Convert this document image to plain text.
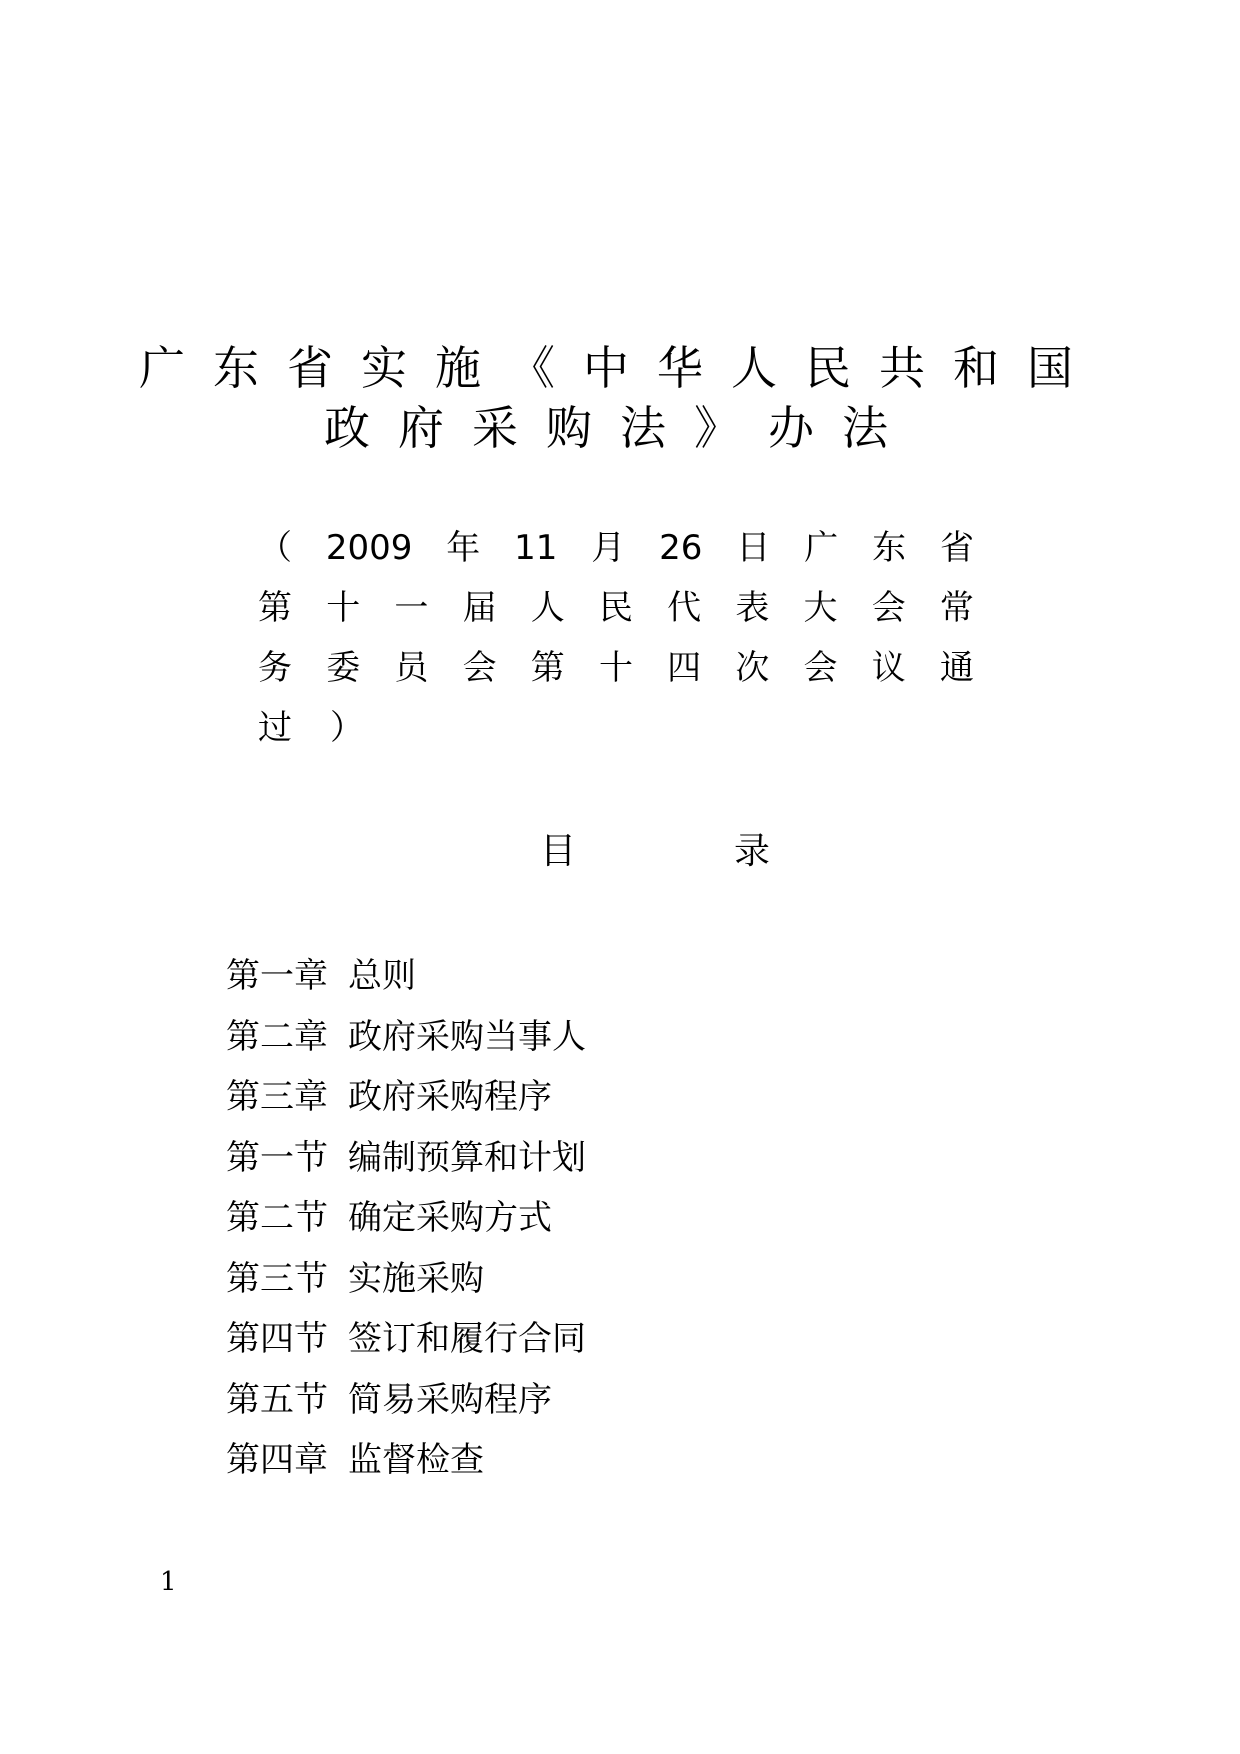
广东省实施《中华人民共和国
政府采购法》办法
（ 2009 年 11 月 26 日 广 东 省
第 十 一 届 人 民 代 表 大 会 常
务 委 员 会 第 十 四 次 会 议 通
过 ）
目	录
第一章 总则
第二章 政府采购当事人
第三章 政府采购程序
第一节 编制预算和计划
第二节 确定采购方式
第三节 实施采购
第四节 签订和履行合同
第五节 简易采购程序
第四章 监督检查
1
